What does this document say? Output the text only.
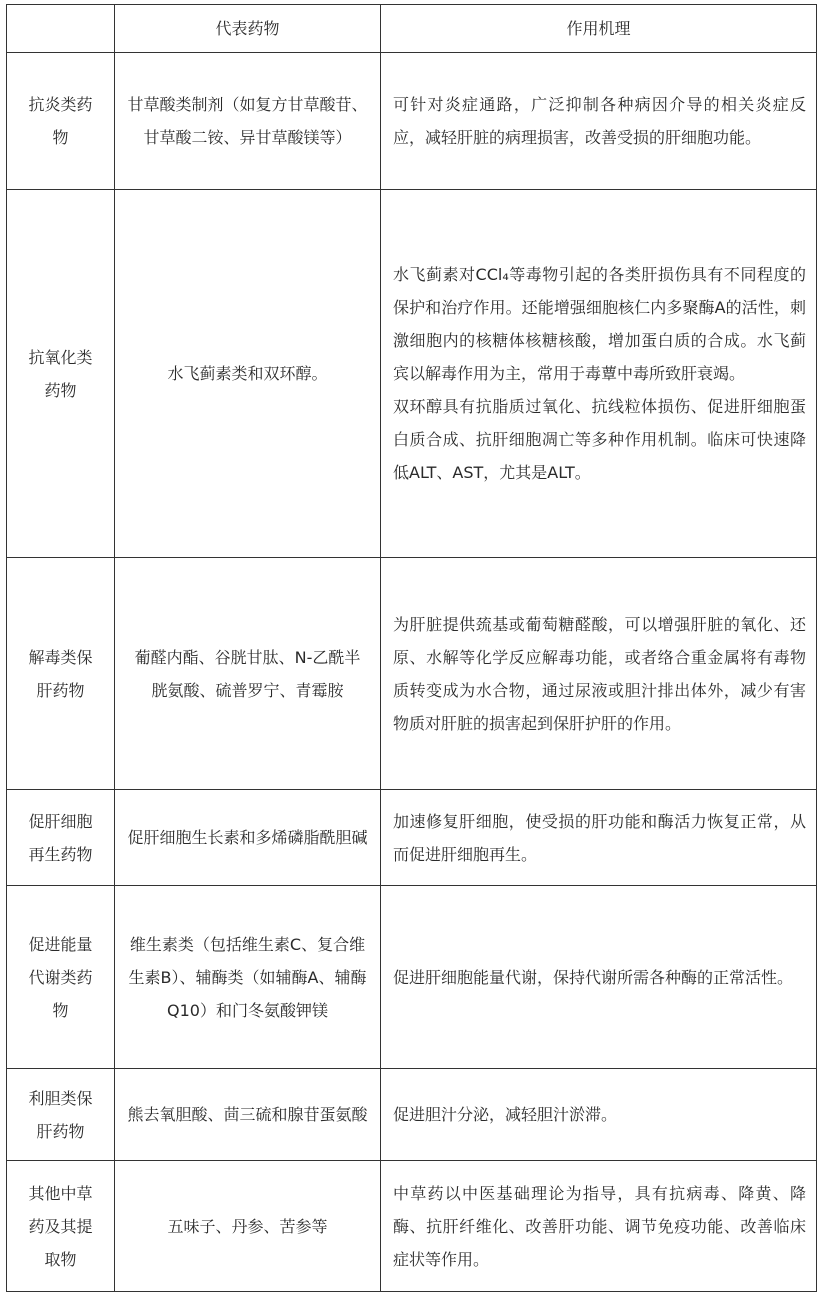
	代表药物	作用机理
抗炎类药物	甘草酸类制剂（如复方甘草酸苷、甘草酸二铵、异甘草酸镁等）	可针对炎症通路，广泛抑制各种病因介导的相关炎症反应，减轻肝脏的病理损害，改善受损的肝细胞功能。

抗氧化类药物	水飞蓟素类和双环醇。	水飞蓟素对CCl₄等毒物引起的各类肝损伤具有不同程度的保护和治疗作用。还能增强细胞核仁内多聚酶A的活性，刺激细胞内的核糖体核糖核酸，增加蛋白质的合成。水飞蓟宾以解毒作用为主，常用于毒蕈中毒所致肝衰竭。

双环醇具有抗脂质过氧化、抗线粒体损伤、促进肝细胞蛋白质合成、抗肝细胞凋亡等多种作用机制。临床可快速降低ALT、AST，尤其是ALT。

解毒类保肝药物	葡醛内酯、谷胱甘肽、N-乙酰半胱氨酸、硫普罗宁、青霉胺	为肝脏提供巯基或葡萄糖醛酸，可以增强肝脏的氧化、还原、水解等化学反应解毒功能，或者络合重金属将有毒物质转变成为水合物，通过尿液或胆汁排出体外，减少有害物质对肝脏的损害起到保肝护肝的作用。

促肝细胞再生药物	促肝细胞生长素和多烯磷脂酰胆碱	加速修复肝细胞，使受损的肝功能和酶活力恢复正常，从而促进肝细胞再生。

促进能量代谢类药物	维生素类（包括维生素C、复合维生素B）、辅酶类（如辅酶A、辅酶Q10）和门冬氨酸钾镁	促进肝细胞能量代谢，保持代谢所需各种酶的正常活性。

利胆类保肝药物	熊去氧胆酸、茴三硫和腺苷蛋氨酸	促进胆汁分泌，减轻胆汁淤滞。

其他中草药及其提取物	五味子、丹参、苦参等	中草药以中医基础理论为指导，具有抗病毒、降黄、降酶、抗肝纤维化、改善肝功能、调节免疫功能、改善临床症状等作用。
